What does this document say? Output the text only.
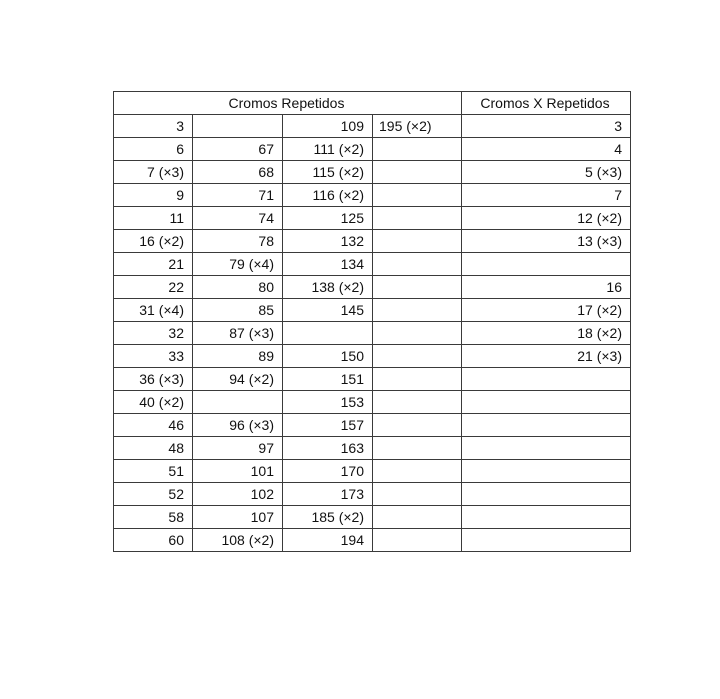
Cromos Repetidos				Cromos X Repetidos
3		109	195 (×2)	3
6	67	111 (×2)		4
7 (×3)	68	115 (×2)		5 (×3)
9	71	116 (×2)		7
11	74	125		12 (×2)
16 (×2)	78	132		13 (×3)
21	79 (×4)	134		
22	80	138 (×2)		16
31 (×4)	85	145		17 (×2)
32	87 (×3)			18 (×2)
33	89	150		21 (×3)
36 (×3)	94 (×2)	151		
40 (×2)		153		
46	96 (×3)	157		
48	97	163		
51	101	170		
52	102	173		
58	107	185 (×2)		
60	108 (×2)	194		
